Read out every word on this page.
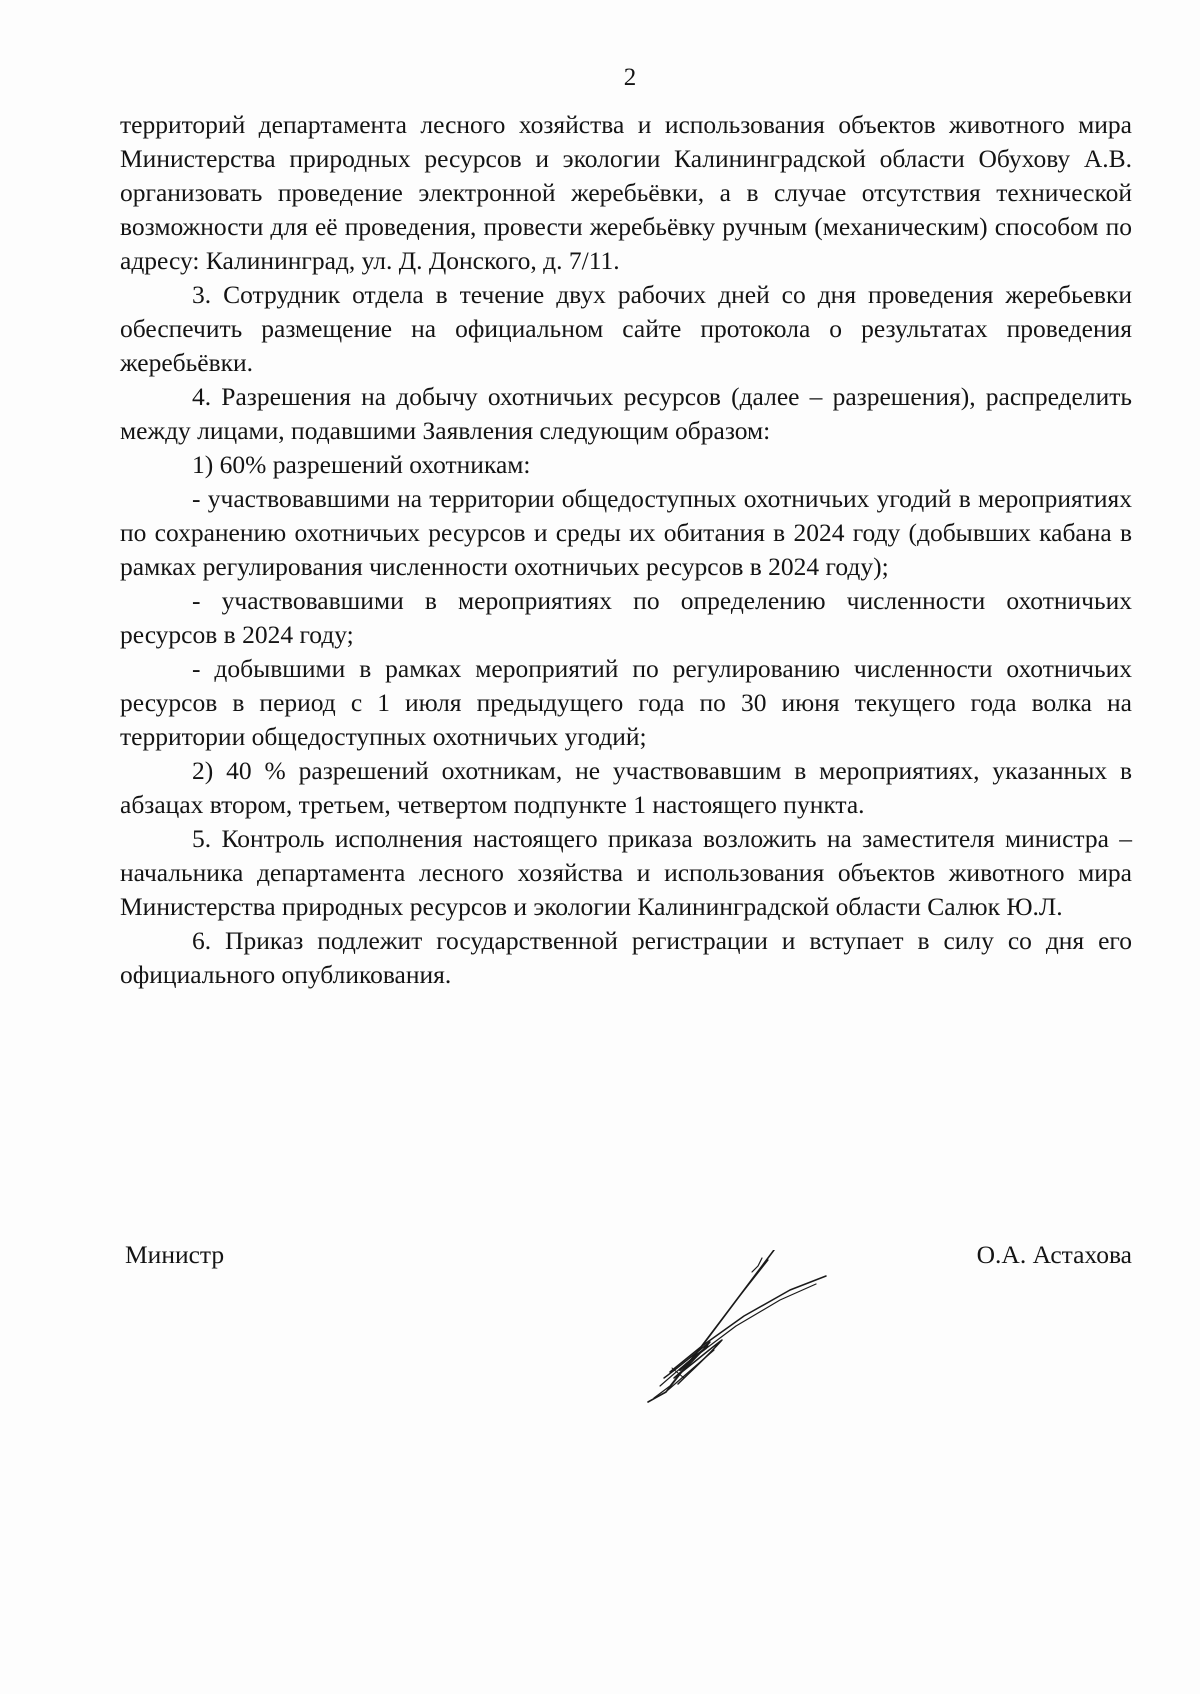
2

территорий департамента лесного хозяйства и использования объектов животного мира Министерства природных ресурсов и экологии Калининградской области Обухову А.В. организовать проведение электронной жеребьёвки, а в случае отсутствия технической возможности для её проведения, провести жеребьёвку ручным (механическим) способом по адресу: Калининград, ул. Д. Донского, д. 7/11.

3. Сотрудник отдела в течение двух рабочих дней со дня проведения жеребьевки обеспечить размещение на официальном сайте протокола о результатах проведения жеребьёвки.

4. Разрешения на добычу охотничьих ресурсов (далее – разрешения), распределить между лицами, подавшими Заявления следующим образом:

1) 60% разрешений охотникам:

- участвовавшими на территории общедоступных охотничьих угодий в мероприятиях по сохранению охотничьих ресурсов и среды их обитания в 2024 году (добывших кабана в рамках регулирования численности охотничьих ресурсов в 2024 году);

- участвовавшими в мероприятиях по определению численности охотничьих ресурсов в 2024 году;

- добывшими в рамках мероприятий по регулированию численности охотничьих ресурсов в период с 1 июля предыдущего года по 30 июня текущего года волка на территории общедоступных охотничьих угодий;

2) 40 % разрешений охотникам, не участвовавшим в мероприятиях, указанных в абзацах втором, третьем, четвертом подпункте 1 настоящего пункта.

5. Контроль исполнения настоящего приказа возложить на заместителя министра – начальника департамента лесного хозяйства и использования объектов животного мира Министерства природных ресурсов и экологии Калининградской области Салюк Ю.Л.

6. Приказ подлежит государственной регистрации и вступает в силу со дня его официального опубликования.

Министр	О.А. Астахова
